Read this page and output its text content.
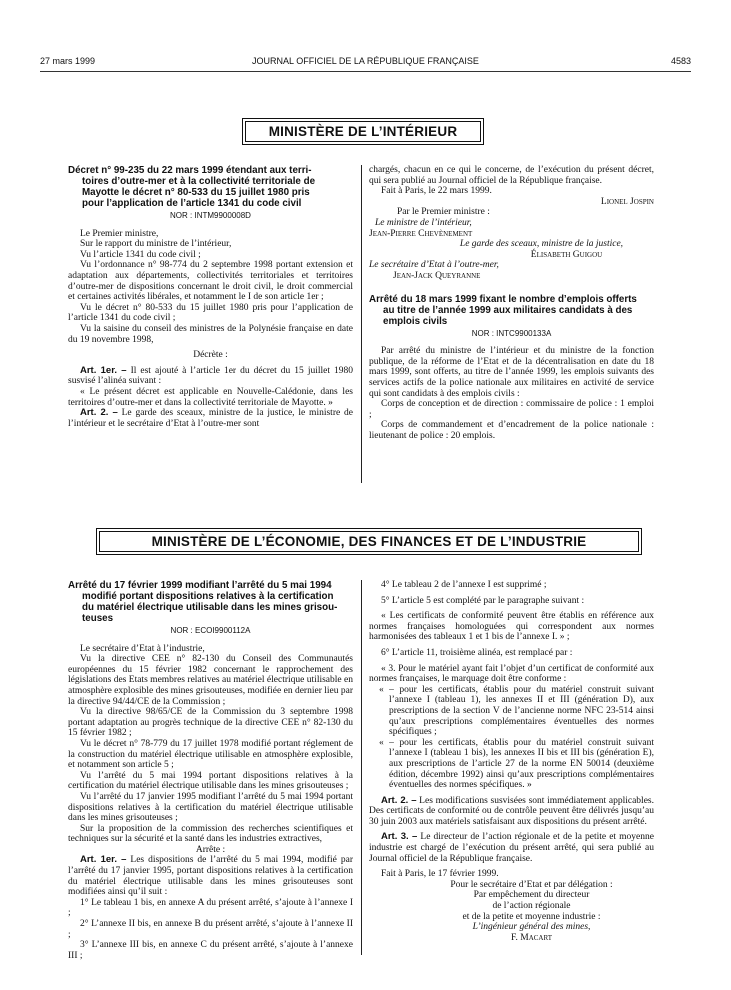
27 mars 1999	JOURNAL OFFICIEL DE LA RÉPUBLIQUE FRANÇAISE	4583
MINISTÈRE DE L’INTÉRIEUR
Décret n° 99-235 du 22 mars 1999 étendant aux terri-
toires d’outre-mer et à la collectivité territoriale de
Mayotte le décret n° 80-533 du 15 juillet 1980 pris
pour l’application de l’article 1341 du code civil
NOR : INTM9900008D

Le Premier ministre,

Sur le rapport du ministre de l’intérieur,

Vu l’article 1341 du code civil ;

Vu l’ordonnance n° 98-774 du 2 septembre 1998 portant extension et adaptation aux départements, collectivités territoriales et territoires d’outre-mer de dispositions concernant le droit civil, le droit commercial et certaines activités libérales, et notamment le I de son article 1er ;

Vu le décret n° 80-533 du 15 juillet 1980 pris pour l’application de l’article 1341 du code civil ;

Vu la saisine du conseil des ministres de la Polynésie française en date du 19 novembre 1998,

Décrète :

Art. 1er. – Il est ajouté à l’article 1er du décret du 15 juillet 1980 susvisé l’alinéa suivant :

« Le présent décret est applicable en Nouvelle-Calédonie, dans les territoires d’outre-mer et dans la collectivité territoriale de Mayotte. »

Art. 2. – Le garde des sceaux, ministre de la justice, le ministre de l’intérieur et le secrétaire d’Etat à l’outre-mer sont

chargés, chacun en ce qui le concerne, de l’exécution du présent décret, qui sera publié au Journal officiel de la République française.

Fait à Paris, le 22 mars 1999.

Lionel Jospin

Par le Premier ministre :

Le ministre de l’intérieur,

Jean-Pierre Chevènement

Le garde des sceaux, ministre de la justice,

Élisabeth Guigou

Le secrétaire d’Etat à l’outre-mer,

Jean-Jack Queyranne

Arrêté du 18 mars 1999 fixant le nombre d’emplois offerts
au titre de l’année 1999 aux militaires candidats à des
emplois civils
NOR : INTC9900133A

Par arrêté du ministre de l’intérieur et du ministre de la fonction publique, de la réforme de l’Etat et de la décentralisation en date du 18 mars 1999, sont offerts, au titre de l’année 1999, les emplois suivants des services actifs de la police nationale aux militaires en activité de service qui sont candidats à des emplois civils :

Corps de conception et de direction : commissaire de police : 1 emploi ;

Corps de commandement et d’encadrement de la police nationale : lieutenant de police : 20 emplois.

MINISTÈRE DE L’ÉCONOMIE, DES FINANCES ET DE L’INDUSTRIE
Arrêté du 17 février 1999 modifiant l’arrêté du 5 mai 1994
modifié portant dispositions relatives à la certification
du matériel électrique utilisable dans les mines grisou-
teuses
NOR : ECOI9900112A

Le secrétaire d’Etat à l’industrie,

Vu la directive CEE n° 82-130 du Conseil des Communautés européennes du 15 février 1982 concernant le rapprochement des législations des Etats membres relatives au matériel électrique utilisable en atmosphère explosible des mines grisouteuses, modifiée en dernier lieu par la directive 94/44/CE de la Commission ;

Vu la directive 98/65/CE de la Commission du 3 septembre 1998 portant adaptation au progrès technique de la directive CEE n° 82-130 du 15 février 1982 ;

Vu le décret n° 78-779 du 17 juillet 1978 modifié portant réglement de la construction du matériel électrique utilisable en atmosphère explosible, et notamment son article 5 ;

Vu l’arrêté du 5 mai 1994 portant dispositions relatives à la certification du matériel électrique utilisable dans les mines grisouteuses ;

Vu l’arrêté du 17 janvier 1995 modifiant l’arrêté du 5 mai 1994 portant dispositions relatives à la certification du matériel électrique utilisable dans les mines grisouteuses ;

Sur la proposition de la commission des recherches scientifiques et techniques sur la sécurité et la santé dans les industries extractives,

Arrête :

Art. 1er. – Les dispositions de l’arrêté du 5 mai 1994, modifié par l’arrêté du 17 janvier 1995, portant dispositions relatives à la certification du matériel électrique utilisable dans les mines grisouteuses sont modifiées ainsi qu’il suit :

1° Le tableau 1 bis, en annexe A du présent arrêté, s’ajoute à l’annexe I ;

2° L’annexe II bis, en annexe B du présent arrêté, s’ajoute à l’annexe II ;

3° L’annexe III bis, en annexe C du présent arrêté, s’ajoute à l’annexe III ;

4° Le tableau 2 de l’annexe I est supprimé ;

5° L’article 5 est complété par le paragraphe suivant :

« Les certificats de conformité peuvent être établis en référence aux normes françaises homologuées qui correspondent aux normes harmonisées des tableaux 1 et 1 bis de l’annexe I. » ;

6° L’article 11, troisième alinéa, est remplacé par :

« 3. Pour le matériel ayant fait l’objet d’un certificat de conformité aux normes françaises, le marquage doit être conforme :

« – pour les certificats, établis pour du matériel construit suivant l’annexe I (tableau 1), les annexes II et III (génération D), aux prescriptions de la section V de l’ancienne norme NFC 23-514 ainsi qu’aux prescriptions complémentaires éventuelles des normes spécifiques ;

« – pour les certificats, établis pour du matériel construit suivant l’annexe I (tableau 1 bis), les annexes II bis et III bis (génération E), aux prescriptions de l’article 27 de la norme EN 50014 (deuxième édition, décembre 1992) ainsi qu’aux prescriptions complémentaires éventuelles des normes spécifiques. »

Art. 2. – Les modifications susvisées sont immédiatement applicables. Des certificats de conformité ou de contrôle peuvent être délivrés jusqu’au 30 juin 2003 aux matériels satisfaisant aux dispositions du présent arrêté.

Art. 3. – Le directeur de l’action régionale et de la petite et moyenne industrie est chargé de l’exécution du présent arrêté, qui sera publié au Journal officiel de la République française.

Fait à Paris, le 17 février 1999.

Pour le secrétaire d’Etat et par délégation :

Par empêchement du directeur

de l’action régionale

et de la petite et moyenne industrie :

L’ingénieur général des mines,

F. Macart
